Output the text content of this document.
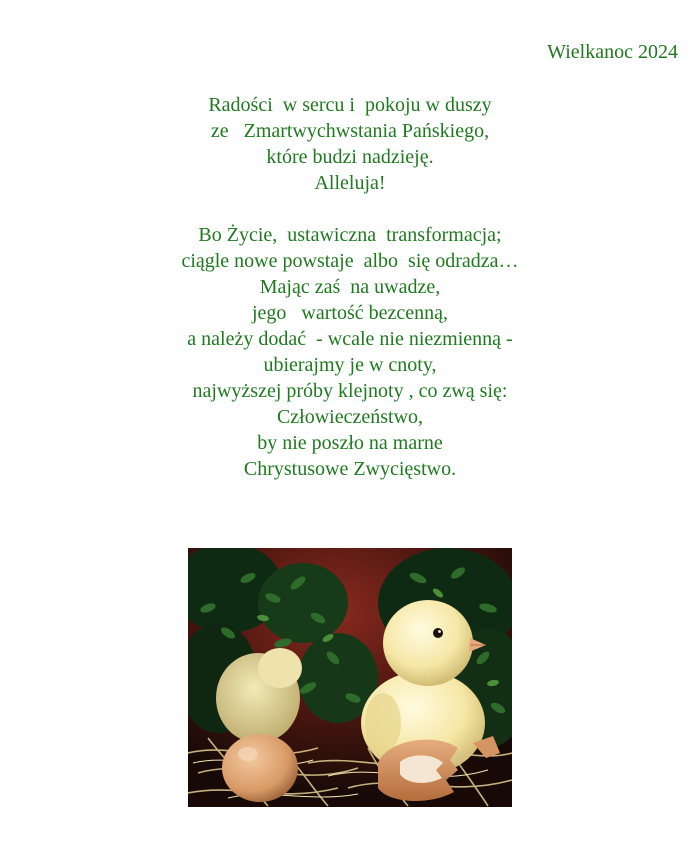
Wielkanoc 2024
Radości  w sercu i  pokoju w duszy
ze   Zmartwychwstania Pańskiego,
które budzi nadzieję.
Alleluja!
Bo Życie,  ustawiczna  transformacja;
ciągle nowe powstaje  albo  się odradza…
Mając zaś  na uwadze,
jego   wartość bezcenną,
a należy dodać  - wcale nie niezmienną -
ubierajmy je w cnoty,
najwyższej próby klejnoty , co zwą się:
Człowieczeństwo,
by nie poszło na marne
Chrystusowe Zwycięstwo.
